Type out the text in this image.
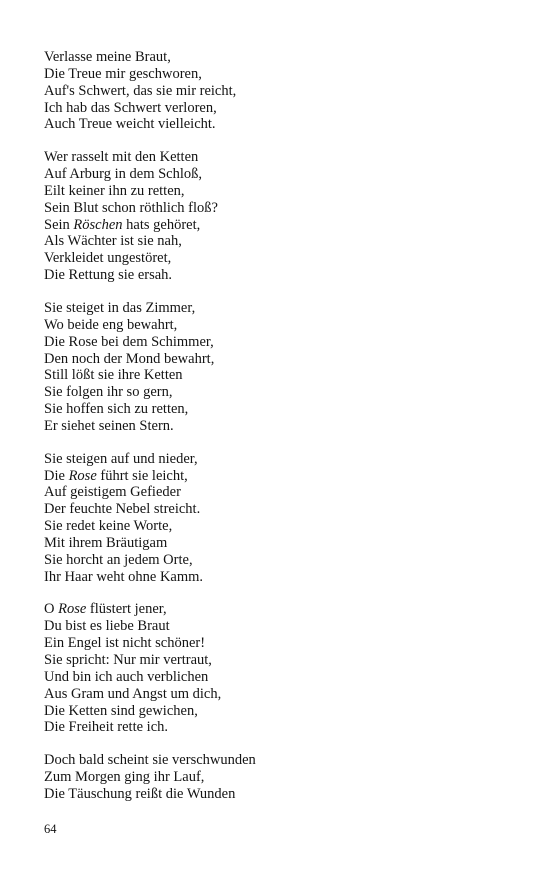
Verlasse meine Braut,
Die Treue mir geschworen,
Auf's Schwert, das sie mir reicht,
Ich hab das Schwert verloren,
Auch Treue weicht vielleicht.
Wer rasselt mit den Ketten
Auf Arburg in dem Schloß,
Eilt keiner ihn zu retten,
Sein Blut schon röthlich floß?
Sein Röschen hats gehöret,
Als Wächter ist sie nah,
Verkleidet ungestöret,
Die Rettung sie ersah.
Sie steiget in das Zimmer,
Wo beide eng bewahrt,
Die Rose bei dem Schimmer,
Den noch der Mond bewahrt,
Still lößt sie ihre Ketten
Sie folgen ihr so gern,
Sie hoffen sich zu retten,
Er siehet seinen Stern.
Sie steigen auf und nieder,
Die Rose führt sie leicht,
Auf geistigem Gefieder
Der feuchte Nebel streicht.
Sie redet keine Worte,
Mit ihrem Bräutigam
Sie horcht an jedem Orte,
Ihr Haar weht ohne Kamm.
O Rose flüstert jener,
Du bist es liebe Braut
Ein Engel ist nicht schöner!
Sie spricht: Nur mir vertraut,
Und bin ich auch verblichen
Aus Gram und Angst um dich,
Die Ketten sind gewichen,
Die Freiheit rette ich.
Doch bald scheint sie verschwunden
Zum Morgen ging ihr Lauf,
Die Täuschung reißt die Wunden
64
